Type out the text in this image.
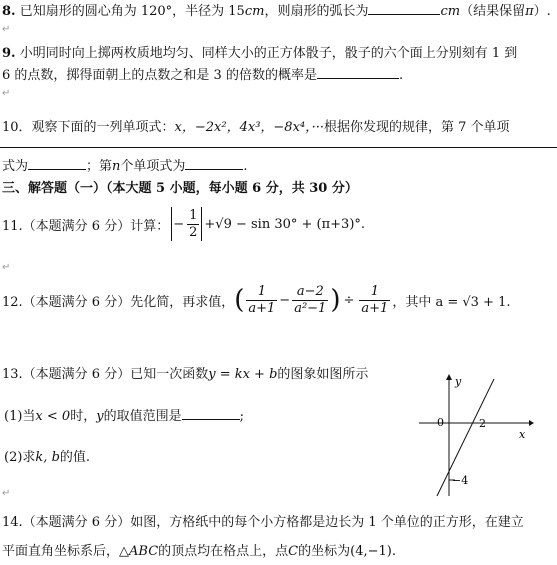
8. 已知扇形的圆心角为 120°，半径为 15cm，则扇形的弧长为	cm（结果保留π）.
↵
9. 小明同时向上掷两枚质地均匀、同样大小的正方体骰子，骰子的六个面上分别刻有 1 到
6 的点数，掷得面朝上的点数之和是 3 的倍数的概率是	.
↵
10．观察下面的一列单项式：x，−2x²，4x³，−8x⁴，···根据你发现的规律，第 7 个单项
式为	；第n个单项式为	.
三、解答题（一）（本大题 5 小题，每小题 6 分，共 30 分）
11.（本题满分 6 分）计算： − $\frac{1}{2} +√9 - \sin 30^\circ + (\pi+3)^\circ$.
↵
12.（本题满分 6 分）先化简，再求值， ( $\frac{1}{a+1} - \frac{a-2}{\text{a²−1}}$ ) ÷ $\frac{1}{a+1}$ ，其中 a = √3 + 1.
13.（本题满分 6 分）已知一次函数y = kx + b的图象如图所示
(1)当x < 0时，y的取值范围是	;
(2)求k, b的值.
↵
y
x
0	2
−4
14.（本题满分 6 分）如图，方格纸中的每个小方格都是边长为 1 个单位的正方形，在建立
平面直角坐标系后，△ABC的顶点均在格点上，点C的坐标为(4,−1).
